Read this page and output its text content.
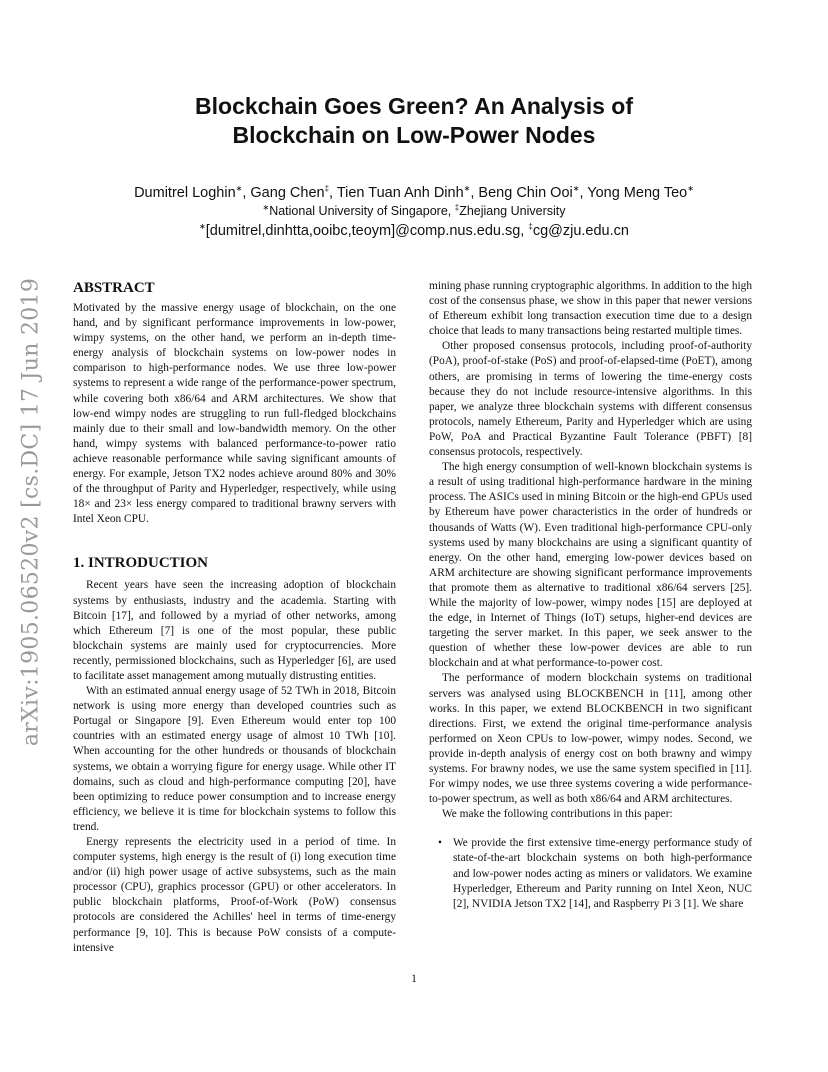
Blockchain Goes Green? An Analysis of
Blockchain on Low-Power Nodes
Dumitrel Loghin∗, Gang Chen‡, Tien Tuan Anh Dinh∗, Beng Chin Ooi∗, Yong Meng Teo∗
∗National University of Singapore, ‡Zhejiang University
∗[dumitrel,dinhtta,ooibc,teoym]@comp.nus.edu.sg, ‡cg@zju.edu.cn
arXiv:1905.06520v2 [cs.DC] 17 Jun 2019 ABSTRACT

Motivated by the massive energy usage of blockchain, on the one hand, and by significant performance improvements in low-power, wimpy systems, on the other hand, we perform an in-depth time-energy analysis of blockchain systems on low-power nodes in comparison to high-performance nodes. We use three low-power systems to represent a wide range of the performance-power spectrum, while covering both x86/64 and ARM architectures. We show that low-end wimpy nodes are struggling to run full-fledged blockchains mainly due to their small and low-bandwidth memory. On the other hand, wimpy systems with balanced performance-to-power ratio achieve reasonable performance while saving significant amounts of energy. For example, Jetson TX2 nodes achieve around 80% and 30% of the throughput of Parity and Hyperledger, respectively, while using 18× and 23× less energy compared to traditional brawny servers with Intel Xeon CPU.

1. INTRODUCTION

Recent years have seen the increasing adoption of blockchain systems by enthusiasts, industry and the academia. Starting with Bitcoin [17], and followed by a myriad of other networks, among which Ethereum [7] is one of the most popular, these public blockchain systems are mainly used for cryptocurrencies. More recently, permissioned blockchains, such as Hyperledger [6], are used to facilitate asset management among mutually distrusting entities.

With an estimated annual energy usage of 52 TWh in 2018, Bitcoin network is using more energy than developed countries such as Portugal or Singapore [9]. Even Ethereum would enter top 100 countries with an estimated energy usage of almost 10 TWh [10]. When accounting for the other hundreds or thousands of blockchain systems, we obtain a worrying figure for energy usage. While other IT domains, such as cloud and high-performance computing [20], have been optimizing to reduce power consumption and to increase energy efficiency, we believe it is time for blockchain systems to follow this trend.

Energy represents the electricity used in a period of time. In computer systems, high energy is the result of (i) long execution time and/or (ii) high power usage of active subsystems, such as the main processor (CPU), graphics processor (GPU) or other accelerators. In public blockchain platforms, Proof-of-Work (PoW) consensus protocols are considered the Achilles' heel in terms of time-energy performance [9, 10]. This is because PoW consists of a compute-intensive

mining phase running cryptographic algorithms. In addition to the high cost of the consensus phase, we show in this paper that newer versions of Ethereum exhibit long transaction execution time due to a design choice that leads to many transactions being restarted multiple times.

Other proposed consensus protocols, including proof-of-authority (PoA), proof-of-stake (PoS) and proof-of-elapsed-time (PoET), among others, are promising in terms of lowering the time-energy costs because they do not include resource-intensive algorithms. In this paper, we analyze three blockchain systems with different consensus protocols, namely Ethereum, Parity and Hyperledger which are using PoW, PoA and Practical Byzantine Fault Tolerance (PBFT) [8] consensus protocols, respectively.

The high energy consumption of well-known blockchain systems is a result of using traditional high-performance hardware in the mining process. The ASICs used in mining Bitcoin or the high-end GPUs used by Ethereum have power characteristics in the order of hundreds or thousands of Watts (W). Even traditional high-performance CPU-only systems used by many blockchains are using a significant quantity of energy. On the other hand, emerging low-power devices based on ARM architecture are showing significant performance improvements that promote them as alternative to traditional x86/64 servers [25]. While the majority of low-power, wimpy nodes [15] are deployed at the edge, in Internet of Things (IoT) setups, higher-end devices are targeting the server market. In this paper, we seek answer to the question of whether these low-power devices are able to run blockchain and at what performance-to-power cost.

The performance of modern blockchain systems on traditional servers was analysed using BLOCKBENCH in [11], among other works. In this paper, we extend BLOCKBENCH in two significant directions. First, we extend the original time-performance analysis performed on Xeon CPUs to low-power, wimpy nodes. Second, we provide in-depth analysis of energy cost on both brawny and wimpy systems. For brawny nodes, we use the same system specified in [11]. For wimpy nodes, we use three systems covering a wide performance-to-power spectrum, as well as both x86/64 and ARM architectures.

We make the following contributions in this paper:

• We provide the first extensive time-energy performance study of state-of-the-art blockchain systems on both high-performance and low-power nodes acting as miners or validators. We examine Hyperledger, Ethereum and Parity running on Intel Xeon, NUC [2], NVIDIA Jetson TX2 [14], and Raspberry Pi 3 [1]. We share
1
